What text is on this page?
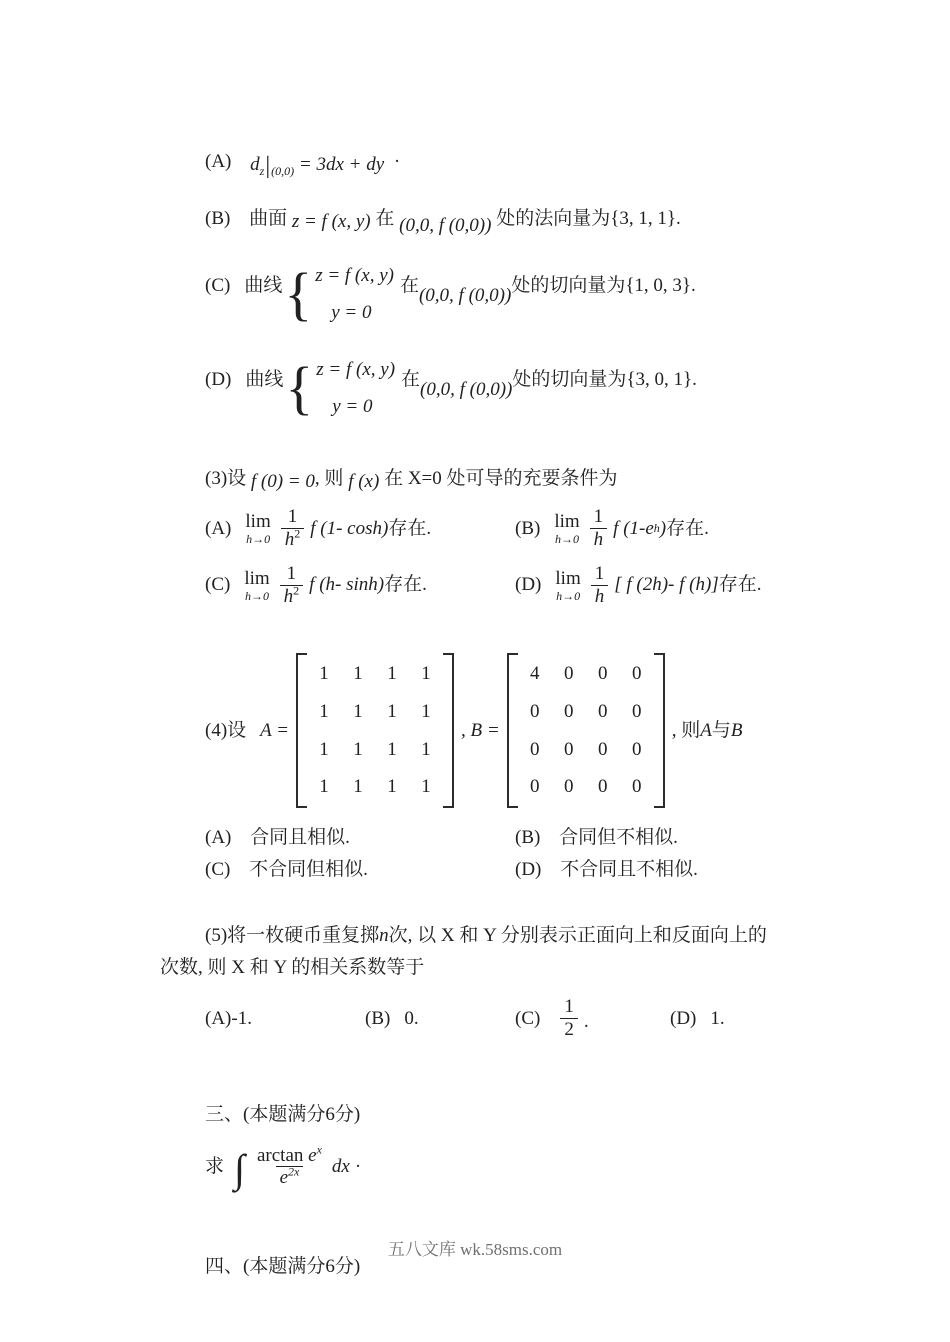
(A) $d_z|_{(0,0)} = 3dx$ + dy ·
(B) 曲面 z = f (x, y) 在 (0,0, f (0,0)) 处的法向量为{3, 1, 1}.
(C) 曲线 { z = f (x, y)
y = 0
在 (0,0, f (0,0)) 处的切向量为{1, 0, 3}.
(D) 曲线 { z = f (x, y)
y = 0
在 (0,0, f (0,0)) 处的切向量为{3, 0, 1}.
(3)设 f (0) = 0, 则 f (x) 在 X=0 处可导的充要条件为
(A) lim
$h\to 0 \frac{1}{h^2}$ f (1- cosh) 存在.	(B) lim
$h\to 0 \frac{1}{h}$ f (1- e h ) 存在.
(C) lim
$h\to 0 \frac{1}{h^2}$ f (h- sinh) 存在.	(D) lim
$h\to 0 \frac{1}{h}$ [ f (2h)- f (h)] 存在.
(4)设 A =
1 1 1 1
1 1 1 1
1 1 1 1
1 1 1 1
, B =
4 0 0 0
0 0 0 0
0 0 0 0
0 0 0 0
, 则 A 与 B
(A) 合同且相似.	(B) 合同但不相似.
(C) 不合同但相似.	(D) 不合同且不相似.
(5)将一枚硬币重复掷n次, 以 X 和 Y 分别表示正面向上和反面向上的
次数, 则 X 和 Y 的相关系数等于
(A)-1.	(B) 0.	$(C) \frac{1}{2}$ .	(D) 1.
三、(本题满分6分)
求 ∫ $\frac{\arctan e^x}{e^{2x}}$ dx ·
四、(本题满分6分)
五八文库 wk.58sms.com
